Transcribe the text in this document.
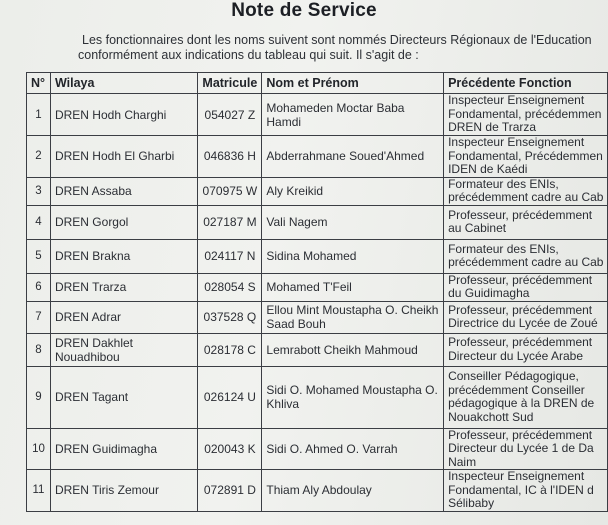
Note de Service
Les fonctionnaires dont les noms suivent sont nommés Directeurs Régionaux de l'Education
conformément aux indications du tableau qui suit. Il s'agit de :
N°	Wilaya	Matricule	Nom et Prénom	Précédente Fonction
1	DREN Hodh Charghi	054027 Z	Mohameden Moctar Baba Hamdi	Inspecteur Enseignement
Fondamental, précédemmen
DREN de Trarza

2	DREN Hodh El Gharbi	046836 H	Abderrahmane Soued'Ahmed	Inspecteur Enseignement
Fondamental, Précédemmen
IDEN de Kaédi

3	DREN Assaba	070975 W	Aly Kreikid	Formateur des ENIs,
précédemment cadre au Cab

4	DREN Gorgol	027187 M	Vali Nagem	Professeur, précédemment
au Cabinet

5	DREN Brakna	024117 N	Sidina Mohamed	Formateur des ENIs,
précédemment cadre au Cab

6	DREN Trarza	028054 S	Mohamed T'Feil	Professeur, précédemment
du Guidimagha

7	DREN Adrar	037528 Q	Ellou Mint Moustapha O. Cheikh Saad Bouh	Professeur, précédemment
Directrice du Lycée de Zoué

8	DREN Dakhlet
Nouadhibou	028178 C	Lemrabott Cheikh Mahmoud	Professeur, précédemment
Directeur du Lycée Arabe

9	DREN Tagant	026124 U	Sidi O. Mohamed Moustapha O. Khliva	Conseiller Pédagogique,
précédemment Conseiller
pédagogique à la DREN de
Nouakchott Sud

10	DREN Guidimagha	020043 K	Sidi O. Ahmed O. Varrah	Professeur, précédemment
Directeur du Lycée 1 de Da
Naim

11	DREN Tiris Zemour	072891 D	Thiam Aly Abdoulay	Inspecteur Enseignement
Fondamental, IC à l'IDEN d
Sélibaby
